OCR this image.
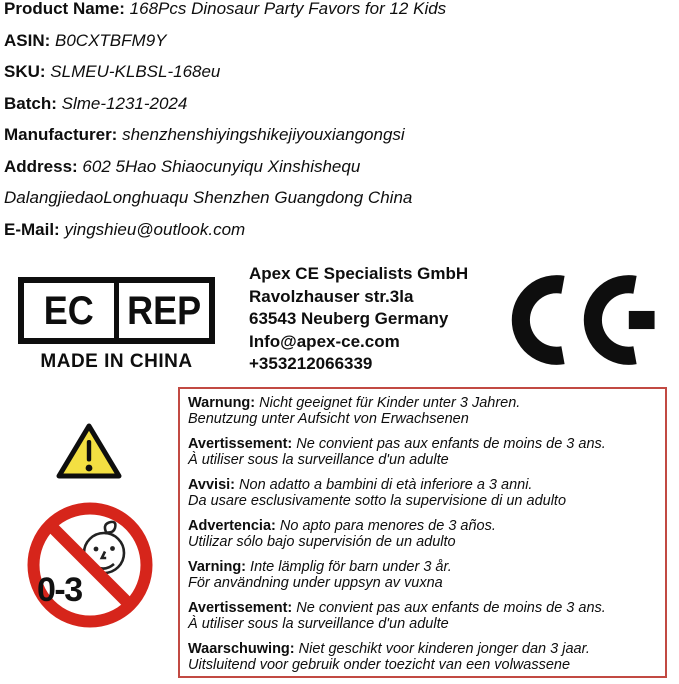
Product Name: 168Pcs Dinosaur Party Favors for 12 Kids
ASIN: B0CXTBFM9Y
SKU: SLMEU-KLBSL-168eu
Batch: Slme-1231-2024
Manufacturer: shenzhenshiyingshikejiyouxiangongsi
Address: 602 5Hao Shiaocunyiqu Xinshishequ
DalangjiedaoLonghuaqu Shenzhen Guangdong China
E-Mail: yingshieu@outlook.com
EC REP
MADE IN CHINA
Apex CE Specialists GmbH
Ravolzhauser str.3la
63543 Neuberg Germany
Info@apex-ce.com
+353212066339
0-3

Warnung: Nicht geeignet für Kinder unter 3 Jahren.
Benutzung unter Aufsicht von Erwachsenen

Avertissement: Ne convient pas aux enfants de moins de 3 ans.
À utiliser sous la surveillance d'un adulte

Avvisi: Non adatto a bambini di età inferiore a 3 anni.
Da usare esclusivamente sotto la supervisione di un adulto

Advertencia: No apto para menores de 3 años.
Utilizar sólo bajo supervisión de un adulto

Varning: Inte lämplig för barn under 3 år.
För användning under uppsyn av vuxna

Avertissement: Ne convient pas aux enfants de moins de 3 ans.
À utiliser sous la surveillance d'un adulte

Waarschuwing: Niet geschikt voor kinderen jonger dan 3 jaar.
Uitsluitend voor gebruik onder toezicht van een volwassene
